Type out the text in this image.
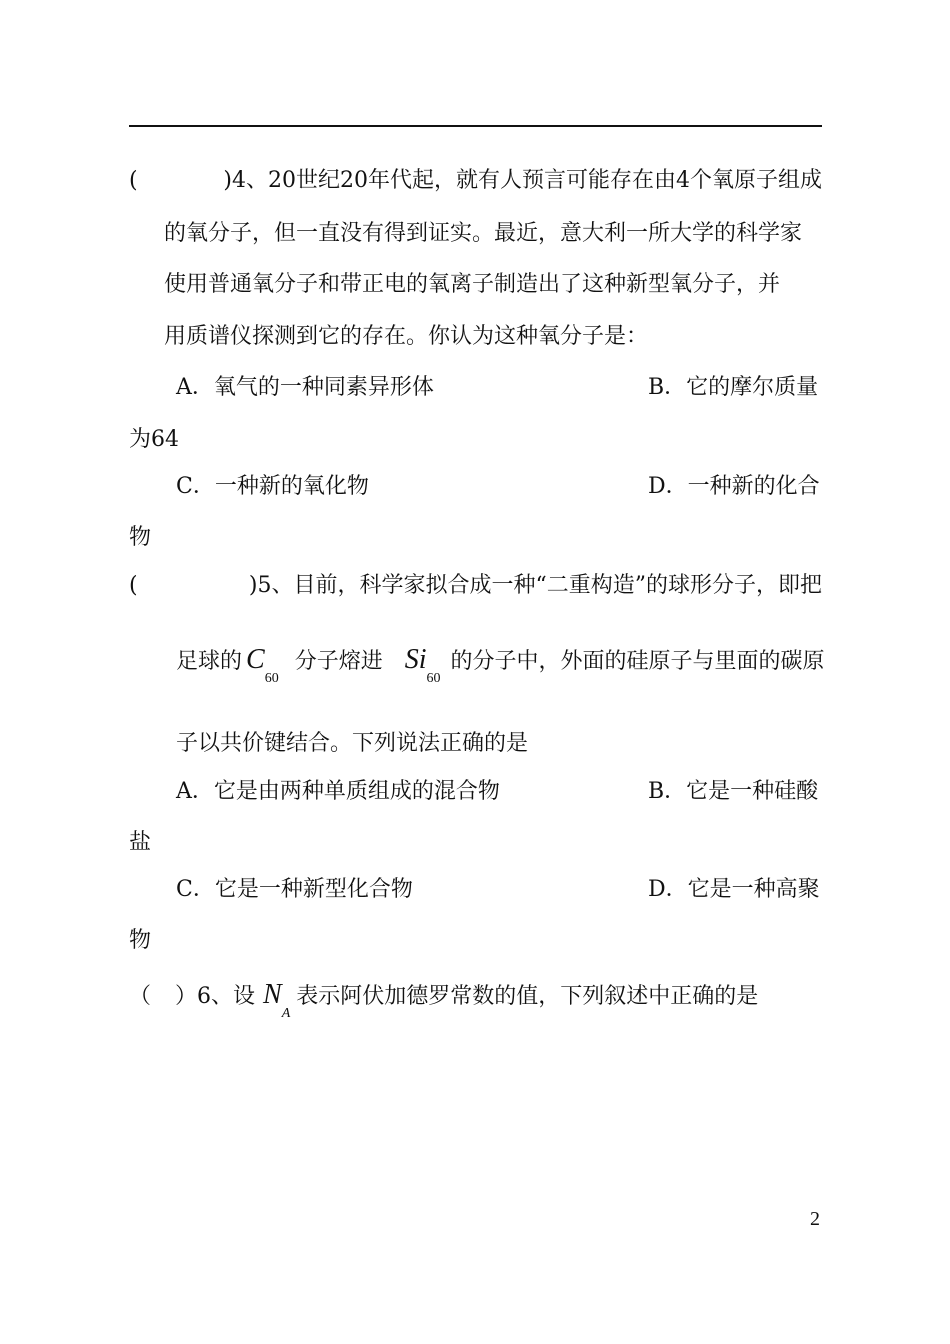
(	)4、20世纪20年代起，就有人预言可能存在由4个氧原子组成
的氧分子，但一直没有得到证实。最近，意大利一所大学的科学家
使用普通氧分子和带正电的氧离子制造出了这种新型氧分子，并
用质谱仪探测到它的存在。你认为这种氧分子是：
A．氧气的一种同素异形体	B．它的摩尔质量
为64
C．一种新的氧化物	D．一种新的化合
物
(	)5、目前，科学家拟合成一种“二重构造”的球形分子，即把
足球的 $C_{60}$分子熔进 $Si_{60}$的分子中，外面的硅原子与里面的碳原
子以共价键结合。下列说法正确的是
A．它是由两种单质组成的混合物	B．它是一种硅酸
盐
C．它是一种新型化合物	D．它是一种高聚
物
（ ）6、设 $N_A$表示阿伏加德罗常数的值，下列叙述中正确的是
2
